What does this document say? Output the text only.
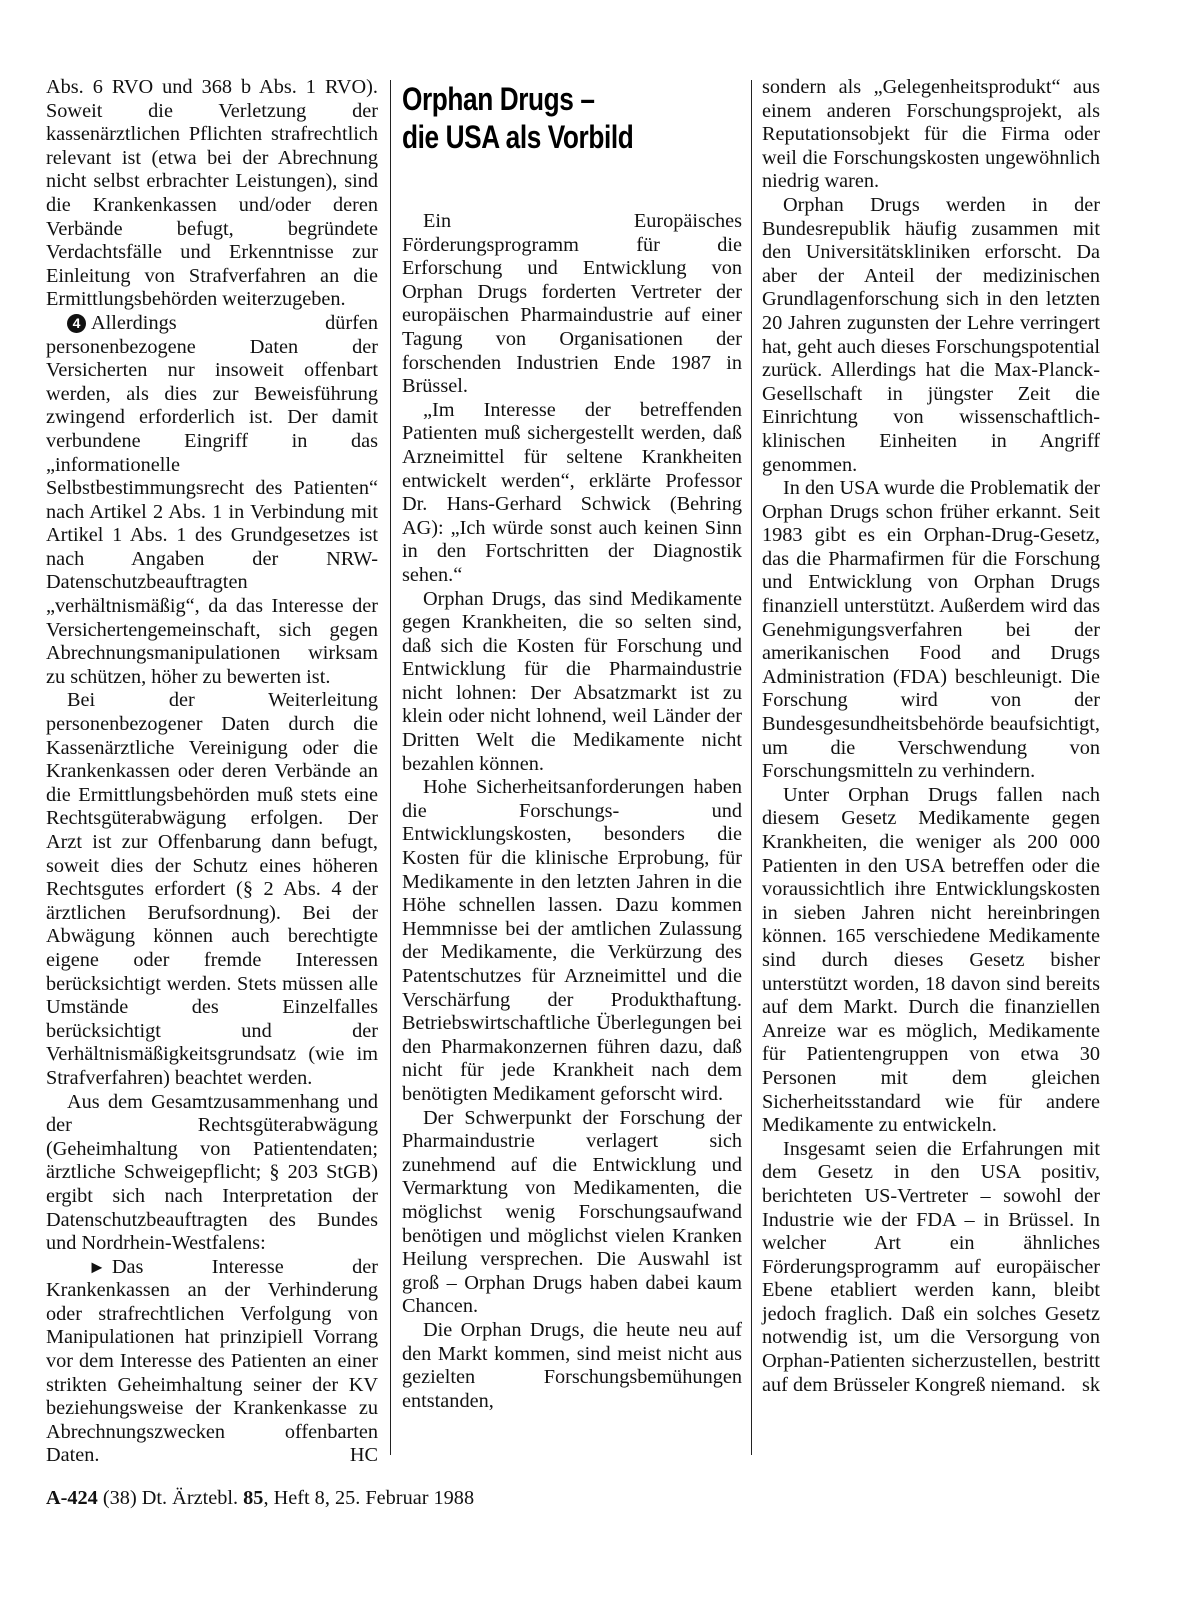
Abs. 6 RVO und 368 b Abs. 1 RVO). Soweit die Verletzung der kassenärztlichen Pflichten strafrechtlich relevant ist (etwa bei der Abrechnung nicht selbst erbrachter Leistungen), sind die Krankenkassen und/oder deren Verbände befugt, begründete Verdachtsfälle und Erkenntnisse zur Einleitung von Strafverfahren an die Ermittlungsbehörden weiterzugeben.

4 Allerdings dürfen personenbezogene Daten der Versicherten nur insoweit offenbart werden, als dies zur Beweisführung zwingend erforderlich ist. Der damit verbundene Eingriff in das „informationelle Selbstbestimmungsrecht des Patienten“ nach Artikel 2 Abs. 1 in Verbindung mit Artikel 1 Abs. 1 des Grundgesetzes ist nach Angaben der NRW-Datenschutzbeauftragten „verhältnismäßig“, da das Interesse der Versichertengemeinschaft, sich gegen Abrechnungsmanipulationen wirksam zu schützen, höher zu bewerten ist.

Bei der Weiterleitung personenbezogener Daten durch die Kassenärztliche Vereinigung oder die Krankenkassen oder deren Verbände an die Ermittlungsbehörden muß stets eine Rechtsgüterabwägung erfolgen. Der Arzt ist zur Offenbarung dann befugt, soweit dies der Schutz eines höheren Rechtsgutes erfordert (§ 2 Abs. 4 der ärztlichen Berufsordnung). Bei der Abwägung können auch berechtigte eigene oder fremde Interessen berücksichtigt werden. Stets müssen alle Umstände des Einzelfalles berücksichtigt und der Verhältnismäßigkeitsgrundsatz (wie im Strafverfahren) beachtet werden.

Aus dem Gesamtzusammenhang und der Rechtsgüterabwägung (Geheimhaltung von Patientendaten; ärztliche Schweigepflicht; § 203 StGB) ergibt sich nach Interpretation der Datenschutzbeauftragten des Bundes und Nordrhein-Westfalens:

► Das Interesse der Krankenkassen an der Verhinderung oder strafrechtlichen Verfolgung von Manipulationen hat prinzipiell Vorrang vor dem Interesse des Patienten an einer strikten Geheimhaltung seiner der KV beziehungsweise der Krankenkasse zu Abrechnungszwecken offenbarten Daten.	HC

Orphan Drugs –
die USA als Vorbild

Ein Europäisches Förderungsprogramm für die Erforschung und Entwicklung von Orphan Drugs forderten Vertreter der europäischen Pharmaindustrie auf einer Tagung von Organisationen der forschenden Industrien Ende 1987 in Brüssel.

„Im Interesse der betreffenden Patienten muß sichergestellt werden, daß Arzneimittel für seltene Krankheiten entwickelt werden“, erklärte Professor Dr. Hans-Gerhard Schwick (Behring AG): „Ich würde sonst auch keinen Sinn in den Fortschritten der Diagnostik sehen.“

Orphan Drugs, das sind Medikamente gegen Krankheiten, die so selten sind, daß sich die Kosten für Forschung und Entwicklung für die Pharmaindustrie nicht lohnen: Der Absatzmarkt ist zu klein oder nicht lohnend, weil Länder der Dritten Welt die Medikamente nicht bezahlen können.

Hohe Sicherheitsanforderungen haben die Forschungs- und Entwicklungskosten, besonders die Kosten für die klinische Erprobung, für Medikamente in den letzten Jahren in die Höhe schnellen lassen. Dazu kommen Hemmnisse bei der amtlichen Zulassung der Medikamente, die Verkürzung des Patentschutzes für Arzneimittel und die Verschärfung der Produkthaftung. Betriebswirtschaftliche Überlegungen bei den Pharmakonzernen führen dazu, daß nicht für jede Krankheit nach dem benötigten Medikament geforscht wird.

Der Schwerpunkt der Forschung der Pharmaindustrie verlagert sich zunehmend auf die Entwicklung und Vermarktung von Medikamenten, die möglichst wenig Forschungsaufwand benötigen und möglichst vielen Kranken Heilung versprechen. Die Auswahl ist groß – Orphan Drugs haben dabei kaum Chancen.

Die Orphan Drugs, die heute neu auf den Markt kommen, sind meist nicht aus gezielten Forschungsbemühungen entstanden,

sondern als „Gelegenheitsprodukt“ aus einem anderen Forschungsprojekt, als Reputationsobjekt für die Firma oder weil die Forschungskosten ungewöhnlich niedrig waren.

Orphan Drugs werden in der Bundesrepublik häufig zusammen mit den Universitätskliniken erforscht. Da aber der Anteil der medizinischen Grundlagenforschung sich in den letzten 20 Jahren zugunsten der Lehre verringert hat, geht auch dieses Forschungspotential zurück. Allerdings hat die Max-Planck-Gesellschaft in jüngster Zeit die Einrichtung von wissenschaftlich-klinischen Einheiten in Angriff genommen.

In den USA wurde die Problematik der Orphan Drugs schon früher erkannt. Seit 1983 gibt es ein Orphan-Drug-Gesetz, das die Pharmafirmen für die Forschung und Entwicklung von Orphan Drugs finanziell unterstützt. Außerdem wird das Genehmigungsverfahren bei der amerikanischen Food and Drugs Administration (FDA) beschleunigt. Die Forschung wird von der Bundesgesundheitsbehörde beaufsichtigt, um die Verschwendung von Forschungsmitteln zu verhindern.

Unter Orphan Drugs fallen nach diesem Gesetz Medikamente gegen Krankheiten, die weniger als 200 000 Patienten in den USA betreffen oder die voraussichtlich ihre Entwicklungskosten in sieben Jahren nicht hereinbringen können. 165 verschiedene Medikamente sind durch dieses Gesetz bisher unterstützt worden, 18 davon sind bereits auf dem Markt. Durch die finanziellen Anreize war es möglich, Medikamente für Patientengruppen von etwa 30 Personen mit dem gleichen Sicherheitsstandard wie für andere Medikamente zu entwickeln.

Insgesamt seien die Erfahrungen mit dem Gesetz in den USA positiv, berichteten US-Vertreter – sowohl der Industrie wie der FDA – in Brüssel. In welcher Art ein ähnliches Förderungsprogramm auf europäischer Ebene etabliert werden kann, bleibt jedoch fraglich. Daß ein solches Gesetz notwendig ist, um die Versorgung von Orphan-Patienten sicherzustellen, bestritt auf dem Brüsseler Kongreß niemand. sk

A-424 (38) Dt. Ärztebl. 85, Heft 8, 25. Februar 1988
